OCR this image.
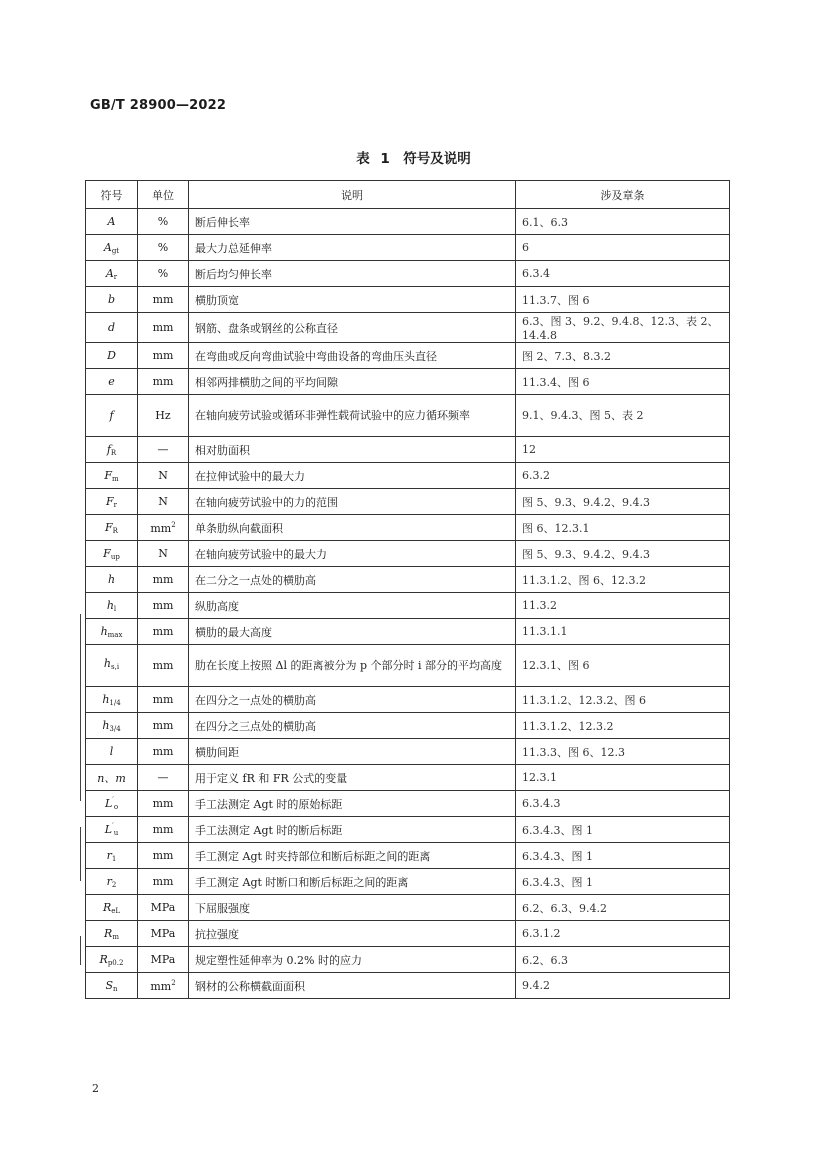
GB/T 28900—2022
表 1　符号及说明
符号	单位	说明	涉及章条
A	%	断后伸长率	6.1、6.3
$A_{gt}$	%	最大力总延伸率	6
$A_r$	%	断后均匀伸长率	6.3.4
b	mm	横肋顶宽	11.3.7、图 6
d	mm	钢筋、盘条或钢丝的公称直径	6.3、图 3、9.2、9.4.8、12.3、表 2、14.4.8
D	mm	在弯曲或反向弯曲试验中弯曲设备的弯曲压头直径	图 2、7.3、8.3.2
e	mm	相邻两排横肋之间的平均间隙	11.3.4、图 6
f	Hz	在轴向疲劳试验或循环非弹性载荷试验中的应力循环频率	9.1、9.4.3、图 5、表 2
$f_R$	—	相对肋面积	12
$F_m$	N	在拉伸试验中的最大力	6.3.2
$F_r$	N	在轴向疲劳试验中的力的范围	图 5、9.3、9.4.2、9.4.3
$F_R$	$mm^2$	单条肋纵向截面积	图 6、12.3.1
$F_{up}$	N	在轴向疲劳试验中的最大力	图 5、9.3、9.4.2、9.4.3
h	mm	在二分之一点处的横肋高	11.3.1.2、图 6、12.3.2
$h_l$	mm	纵肋高度	11.3.2
$h_{max}$	mm	横肋的最大高度	11.3.1.1
$h_{s,i}$	mm	肋在长度上按照 Δl 的距离被分为 p 个部分时 i 部分的平均高度	12.3.1、图 6
$h_{1/4}$	mm	在四分之一点处的横肋高	11.3.1.2、12.3.2、图 6
$h_{3/4}$	mm	在四分之三点处的横肋高	11.3.1.2、12.3.2
l	mm	横肋间距	11.3.3、图 6、12.3
n、m	—	用于定义 fR 和 FR 公式的变量	12.3.1
$L'_o$	mm	手工法测定 Agt 时的原始标距	6.3.4.3
$L'_u$	mm	手工法测定 Agt 时的断后标距	6.3.4.3、图 1
$r_1$	mm	手工测定 Agt 时夹持部位和断后标距之间的距离	6.3.4.3、图 1
$r_2$	mm	手工测定 Agt 时断口和断后标距之间的距离	6.3.4.3、图 1
$R_{eL}$	MPa	下屈服强度	6.2、6.3、9.4.2
$R_m$	MPa	抗拉强度	6.3.1.2
$R_{p0.2}$	MPa	规定塑性延伸率为 0.2% 时的应力	6.2、6.3
$S_n$	$mm^2$	钢材的公称横截面面积	9.4.2
2
